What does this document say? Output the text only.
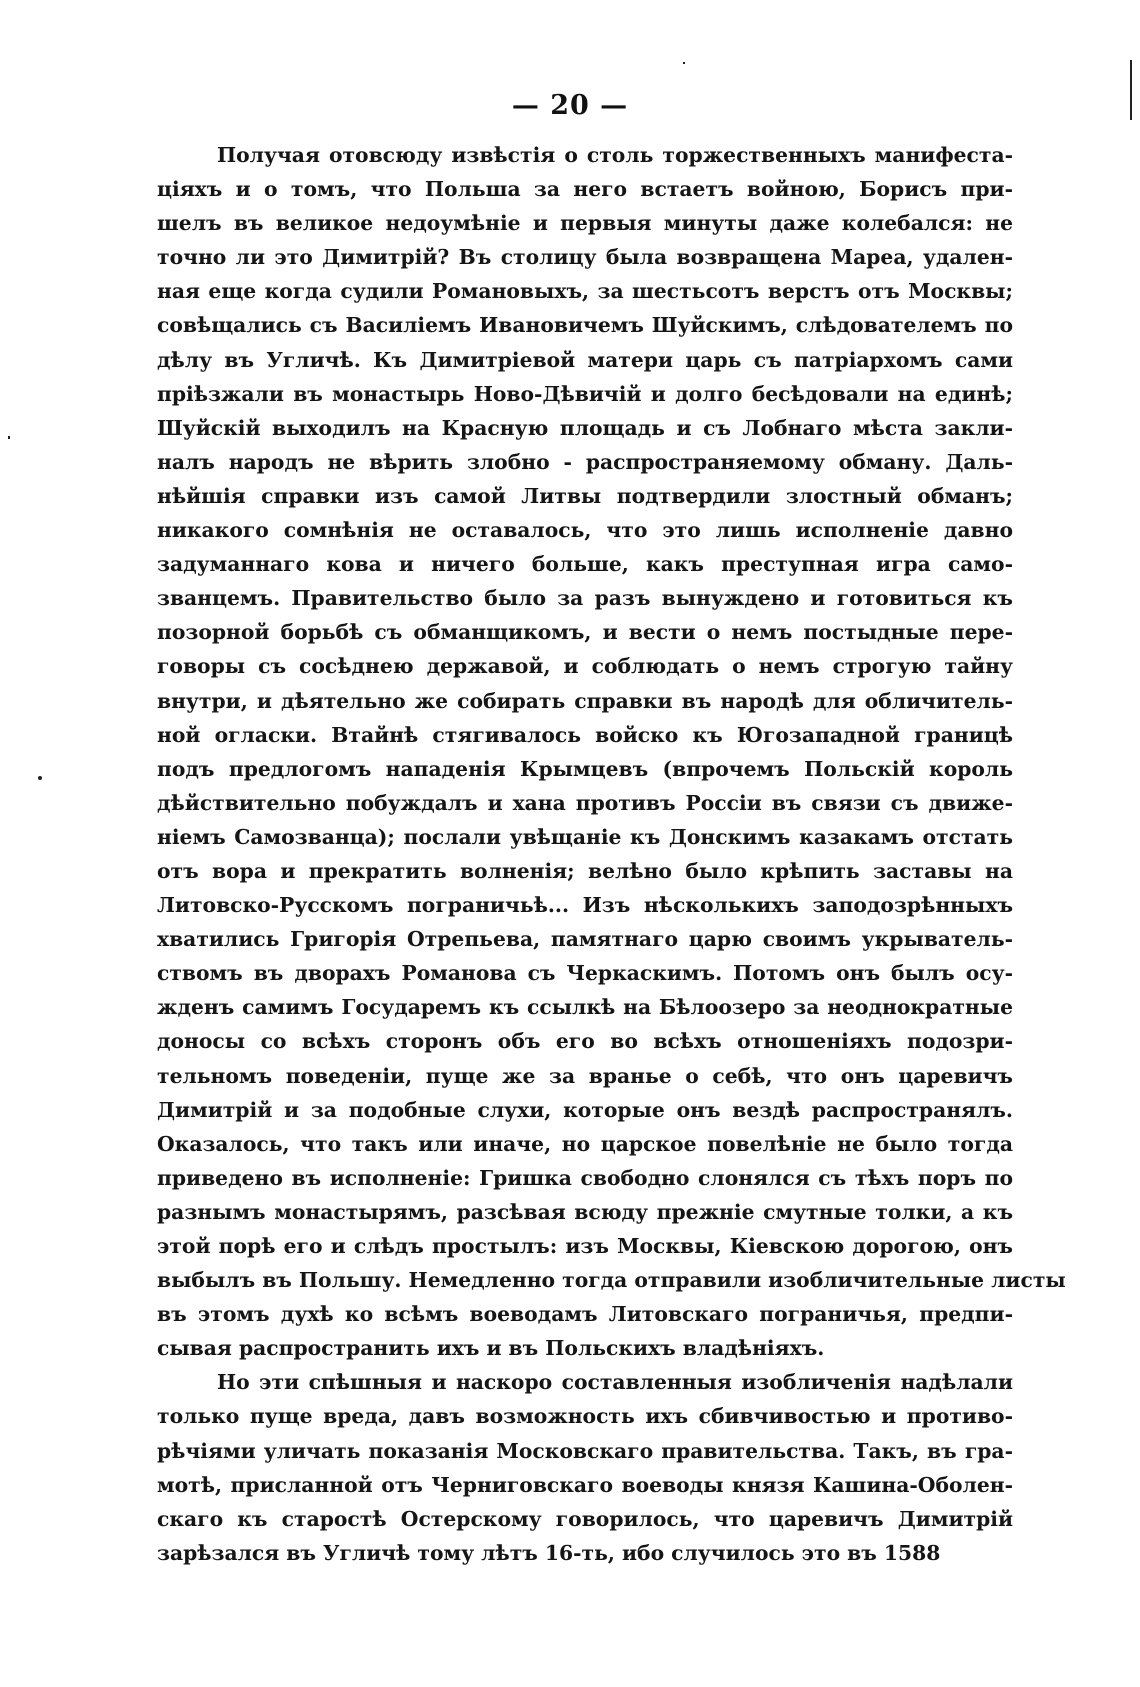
— 20 —

Получая отовсюду извѣстія о столь торжественныхъ манифеста-
ціяхъ и о томъ, что Польша за него встаетъ войною, Борисъ при-
шелъ въ великое недоумѣніе и первыя минуты даже колебался: не
точно ли это Димитрій? Въ столицу была возвращена Мареа, удален-
ная еще когда судили Романовыхъ, за шестьсотъ верстъ отъ Москвы;
совѣщались съ Василіемъ Ивановичемъ Шуйскимъ, слѣдователемъ по
дѣлу въ Угличѣ. Къ Димитріевой матери царь съ патріархомъ сами
пріѣзжали въ монастырь Ново-Дѣвичій и долго бесѣдовали на единѣ;
Шуйскій выходилъ на Красную площадь и съ Лобнаго мѣста закли-
налъ народъ не вѣрить злобно - распространяемому обману. Даль-
нѣйшія справки изъ самой Литвы подтвердили злостный обманъ;
никакого сомнѣнія не оставалось, что это лишь исполненіе давно
задуманнаго кова и ничего больше, какъ преступная игра само-
званцемъ. Правительство было за разъ вынуждено и готовиться къ
позорной борьбѣ съ обманщикомъ, и вести о немъ постыдные пере-
говоры съ сосѣднею державой, и соблюдать о немъ строгую тайну
внутри, и дѣятельно же собирать справки въ народѣ для обличитель-
ной огласки. Втайнѣ стягивалось войско къ Югозападной границѣ
подъ предлогомъ нападенія Крымцевъ (впрочемъ Польскій король
дѣйствительно побуждалъ и хана противъ Россіи въ связи съ движе-
ніемъ Самозванца); послали увѣщаніе къ Донскимъ казакамъ отстать
отъ вора и прекратить волненія; велѣно было крѣпить заставы на
Литовско-Русскомъ пограничьѣ... Изъ нѣсколькихъ заподозрѣнныхъ
хватились Григорія Отрепьева, памятнаго царю своимъ укрыватель-
ствомъ въ дворахъ Романова съ Черкаскимъ. Потомъ онъ былъ осу-
жденъ самимъ Государемъ къ ссылкѣ на Бѣлоозеро за неоднократные
доносы со всѣхъ сторонъ объ его во всѣхъ отношеніяхъ подозри-
тельномъ поведеніи, пуще же за вранье о себѣ, что онъ царевичъ
Димитрій и за подобные слухи, которые онъ вездѣ распространялъ.
Оказалось, что такъ или иначе, но царское повелѣніе не было тогда
приведено въ исполненіе: Гришка свободно слонялся съ тѣхъ поръ по
разнымъ монастырямъ, разсѣвая всюду прежніе смутные толки, а къ
этой порѣ его и слѣдъ простылъ: изъ Москвы, Кіевскою дорогою, онъ
выбылъ въ Польшу. Немедленно тогда отправили изобличительные листы
въ этомъ духѣ ко всѣмъ воеводамъ Литовскаго пограничья, предпи-
сывая распространить ихъ и въ Польскихъ владѣніяхъ.

Но эти спѣшныя и наскоро составленныя изобличенія надѣлали
только пуще вреда, давъ возможность ихъ сбивчивостью и противо-
рѣчіями уличать показанія Московскаго правительства. Такъ, въ гра-
мотѣ, присланной отъ Черниговскаго воеводы князя Кашина-Оболен-
скаго къ старостѣ Остерскому говорилось, что царевичъ Димитрій
зарѣзался въ Угличѣ тому лѣтъ 16-ть, ибо случилось это въ 1588
